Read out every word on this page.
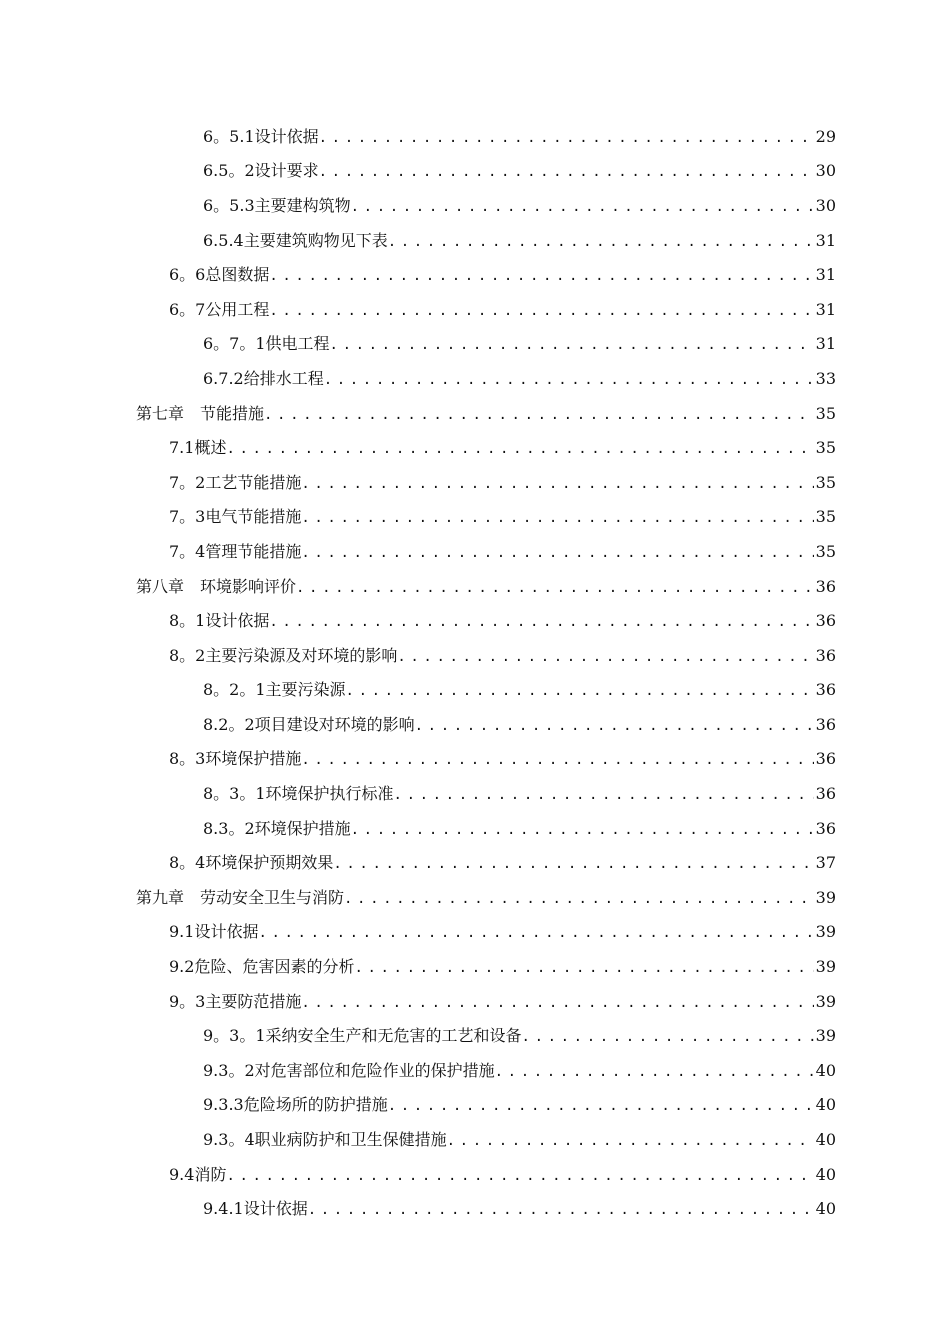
6。5.1设计依据 .....	29
6.5。2设计要求 .....	30
6。5.3主要建构筑物 .....	30
6.5.4主要建筑购物见下表 .....	31
6。6总图数据 .....	31
6。7公用工程 .....	31
6。7。1供电工程 .....	31
6.7.2给排水工程 .....	33
第七章　节能措施 .....	35
7.1概述 .....	35
7。2工艺节能措施 .....	35
7。3电气节能措施 .....	35
7。4管理节能措施 .....	35
第八章　环境影响评价 .....	36
8。1设计依据 .....	36
8。2主要污染源及对环境的影响 .....	36
8。2。1主要污染源 .....	36
8.2。2项目建设对环境的影响 .....	36
8。3环境保护措施 .....	36
8。3。1环境保护执行标准 .....	36
8.3。2环境保护措施 .....	36
8。4环境保护预期效果 .....	37
第九章　劳动安全卫生与消防 .....	39
9.1设计依据 .....	39
9.2危险、危害因素的分析 .....	39
9。3主要防范措施 .....	39
9。3。1采纳安全生产和无危害的工艺和设备 .....	39
9.3。2对危害部位和危险作业的保护措施 .....	40
9.3.3危险场所的防护措施 .....	40
9.3。4职业病防护和卫生保健措施 .....	40
9.4消防 .....	40
9.4.1设计依据 .....	40
